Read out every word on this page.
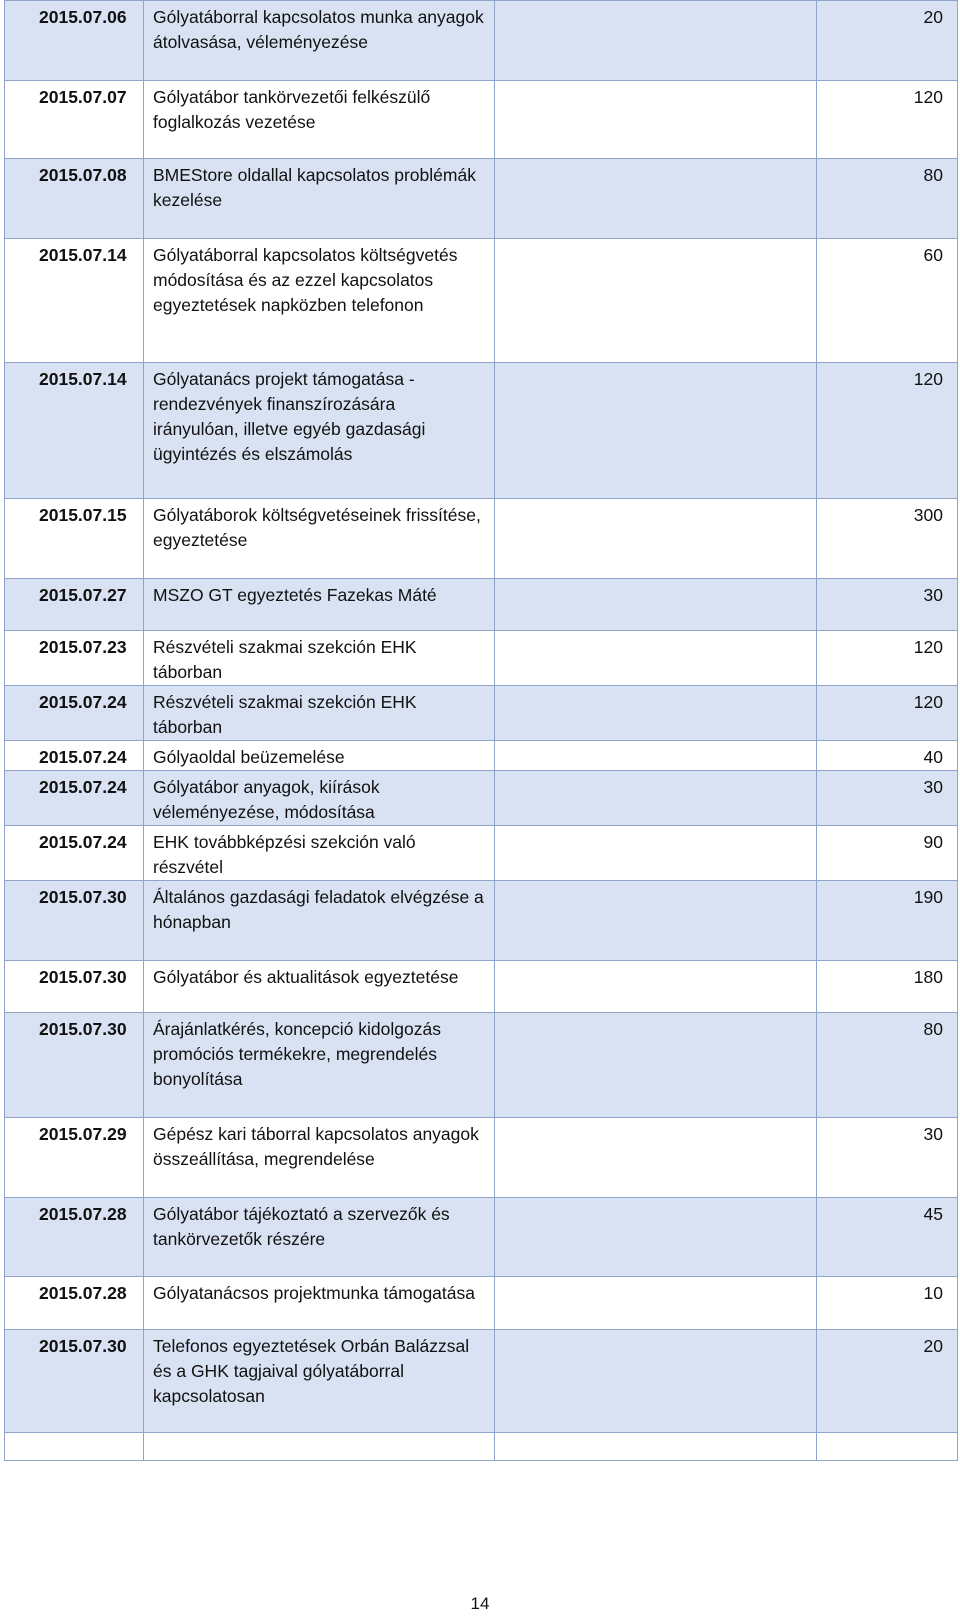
2015.07.06	Gólyatáborral kapcsolatos munka anyagok átolvasása, véleményezése		20
2015.07.07	Gólyatábor tankörvezetői felkészülő foglalkozás vezetése		120
2015.07.08	BMEStore oldallal kapcsolatos problémák kezelése		80
2015.07.14	Gólyatáborral kapcsolatos költségvetés módosítása és az ezzel kapcsolatos egyeztetések napközben telefonon		60
2015.07.14	Gólyatanács projekt támogatása - rendezvények finanszírozására irányulóan, illetve egyéb gazdasági ügyintézés és elszámolás		120
2015.07.15	Gólyatáborok költségvetéseinek frissítése, egyeztetése		300
2015.07.27	MSZO GT egyeztetés Fazekas Máté		30
2015.07.23	Részvételi szakmai szekción EHK táborban		120
2015.07.24	Részvételi szakmai szekción EHK táborban		120
2015.07.24	Gólyaoldal beüzemelése		40
2015.07.24	Gólyatábor anyagok, kiírások véleményezése, módosítása		30
2015.07.24	EHK továbbképzési szekción való részvétel		90
2015.07.30	Általános gazdasági feladatok elvégzése a hónapban		190
2015.07.30	Gólyatábor és aktualitások egyeztetése		180
2015.07.30	Árajánlatkérés, koncepció kidolgozás promóciós termékekre, megrendelés bonyolítása		80
2015.07.29	Gépész kari táborral kapcsolatos anyagok összeállítása, megrendelése		30
2015.07.28	Gólyatábor tájékoztató a szervezők és tankörvezetők részére		45
2015.07.28	Gólyatanácsos projektmunka támogatása		10
2015.07.30	Telefonos egyeztetések Orbán Balázzsal és a GHK tagjaival gólyatáborral kapcsolatosan		20

14
